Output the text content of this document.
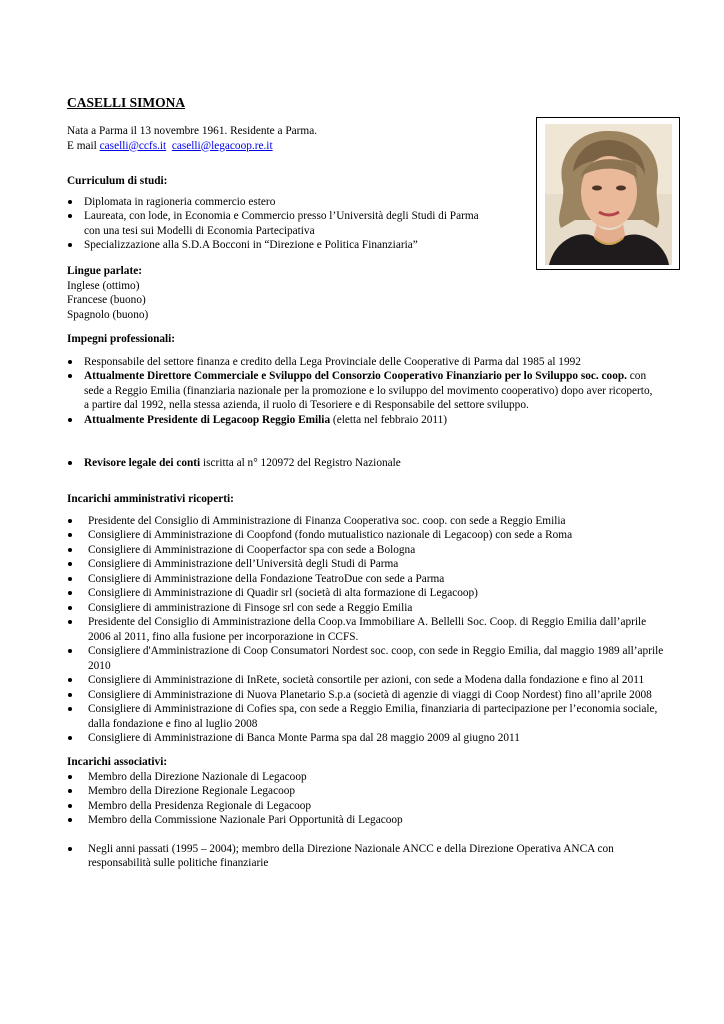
CASELLI SIMONA
Nata a Parma il 13 novembre 1961. Residente a Parma.
E mail caselli@ccfs.it caselli@legacoop.re.it

Curriculum di studi:

Diplomata in ragioneria commercio estero
Laureata, con lode, in Economia e Commercio presso l’Università degli Studi di Parma
con una tesi sui Modelli di Economia Partecipativa
Specializzazione alla S.D.A Bocconi in “Direzione e Politica Finanziaria”

Lingue parlate:

Inglese (ottimo)
Francese (buono)
Spagnolo (buono)

Impegni professionali:

Responsabile del settore finanza e credito della Lega Provinciale delle Cooperative di Parma dal 1985 al 1992
Attualmente Direttore Commerciale e Sviluppo del Consorzio Cooperativo Finanziario per lo Sviluppo soc. coop. con
sede a Reggio Emilia (finanziaria nazionale per la promozione e lo sviluppo del movimento cooperativo) dopo aver ricoperto,
a partire dal 1992, nella stessa azienda, il ruolo di Tesoriere e di Responsabile del settore sviluppo.
Attualmente Presidente di Legacoop Reggio Emilia (eletta nel febbraio 2011)
Revisore legale dei conti iscritta al n° 120972 del Registro Nazionale

Incarichi amministrativi ricoperti:

Presidente del Consiglio di Amministrazione di Finanza Cooperativa soc. coop. con sede a Reggio Emilia
Consigliere di Amministrazione di Coopfond (fondo mutualistico nazionale di Legacoop) con sede a Roma
Consigliere di Amministrazione di Cooperfactor spa con sede a Bologna
Consigliere di Amministrazione dell’Università degli Studi di Parma
Consigliere di Amministrazione della Fondazione TeatroDue con sede a Parma
Consigliere di Amministrazione di Quadir srl (società di alta formazione di Legacoop)
Consigliere di amministrazione di Finsoge srl con sede a Reggio Emilia
Presidente del Consiglio di Amministrazione della Coop.va Immobiliare A. Bellelli Soc. Coop. di Reggio Emilia dall’aprile
2006 al 2011, fino alla fusione per incorporazione in CCFS.
Consigliere d'Amministrazione di Coop Consumatori Nordest soc. coop, con sede in Reggio Emilia, dal maggio 1989 all’aprile
2010
Consigliere di Amministrazione di InRete, società consortile per azioni, con sede a Modena dalla fondazione e fino al 2011
Consigliere di Amministrazione di Nuova Planetario S.p.a (società di agenzie di viaggi di Coop Nordest) fino all’aprile 2008
Consigliere di Amministrazione di Cofies spa, con sede a Reggio Emilia, finanziaria di partecipazione per l’economia sociale,
dalla fondazione e fino al luglio 2008
Consigliere di Amministrazione di Banca Monte Parma spa dal 28 maggio 2009 al giugno 2011

Incarichi associativi:

Membro della Direzione Nazionale di Legacoop
Membro della Direzione Regionale Legacoop
Membro della Presidenza Regionale di Legacoop
Membro della Commissione Nazionale Pari Opportunità di Legacoop
Negli anni passati (1995 – 2004); membro della Direzione Nazionale ANCC e della Direzione Operativa ANCA con
responsabilità sulle politiche finanziarie
